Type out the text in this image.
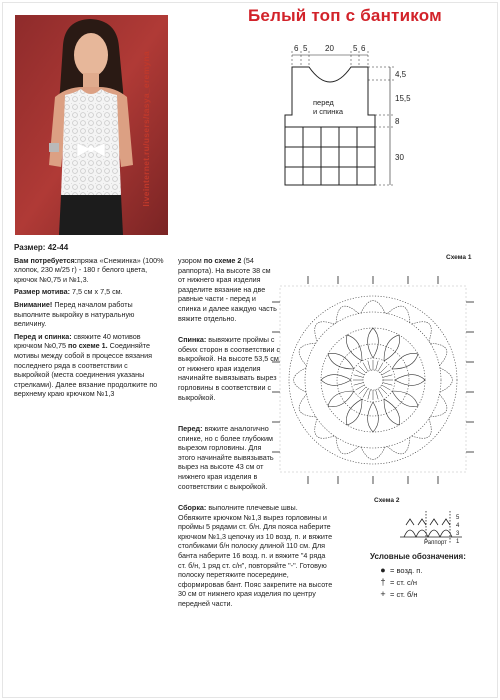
Белый топ с бантиком
liveinternet.ru/users/tasya_eremyna
6 5 20 5 6
4,5
15,5
8
30
перед и спинка

Размер: 42-44

Вам потребуется:пряжа «Снежинка» (100% хлопок, 230 м/25 г) - 180 г белого цвета, крючок №0,75 и №1,3.

Размер мотива: 7,5 см х 7,5 см.

Внимание! Перед началом работы выполните выкройку в натуральную величину.

Перед и спинка: свяжите 40 мотивов крючком №0,75 по схеме 1. Соединяйте мотивы между собой в процессе вязания последнего ряда в соответствии с выкройкой (места соединения указаны стрелками). Далее вязание продолжите по верхнему краю крючком №1,3

узором по схеме 2 (54 раппорта). На высоте 38 см от нижнего края изделия разделите вязание на две равные части - перед и спинка и далее каждую часть вяжите отдельно.

Спинка: вывяжите проймы с обеих сторон в соответствии с выкройкой. На высоте 53,5 см от нижнего края изделия начинайте вывязывать вырез горловины в соответствии с выкройкой.

Перед: вяжите аналогично спинке, но с более глубоким вырезом горловины. Для этого начинайте вывязывать вырез на высоте 43 см от нижнего края изделия в соответствии с выкройкой.

Сборка: выполните плечевые швы. Обвяжите крючком №1,3 вырез горловины и проймы 5 рядами ст. б/н. Для пояса наберите крючком №1,3 цепочку из 10 возд. п. и вяжите столбиками б/н полоску длиной 110 см. Для банта наберите 16 возд. п. и вяжите "4 ряда ст. б/н, 1 ряд ст. с/н", повторяйте "-". Готовую полоску перетяжите посередине, сформировав бант. Пояс закрепите на высоте 30 см от нижнего края изделия по центру передней части.

Схема 1
Схема 2
5
4
3
1
Раппорт
Условные обозначения:
● = возд. п.
† = ст. с/н
+ = ст. б/н
